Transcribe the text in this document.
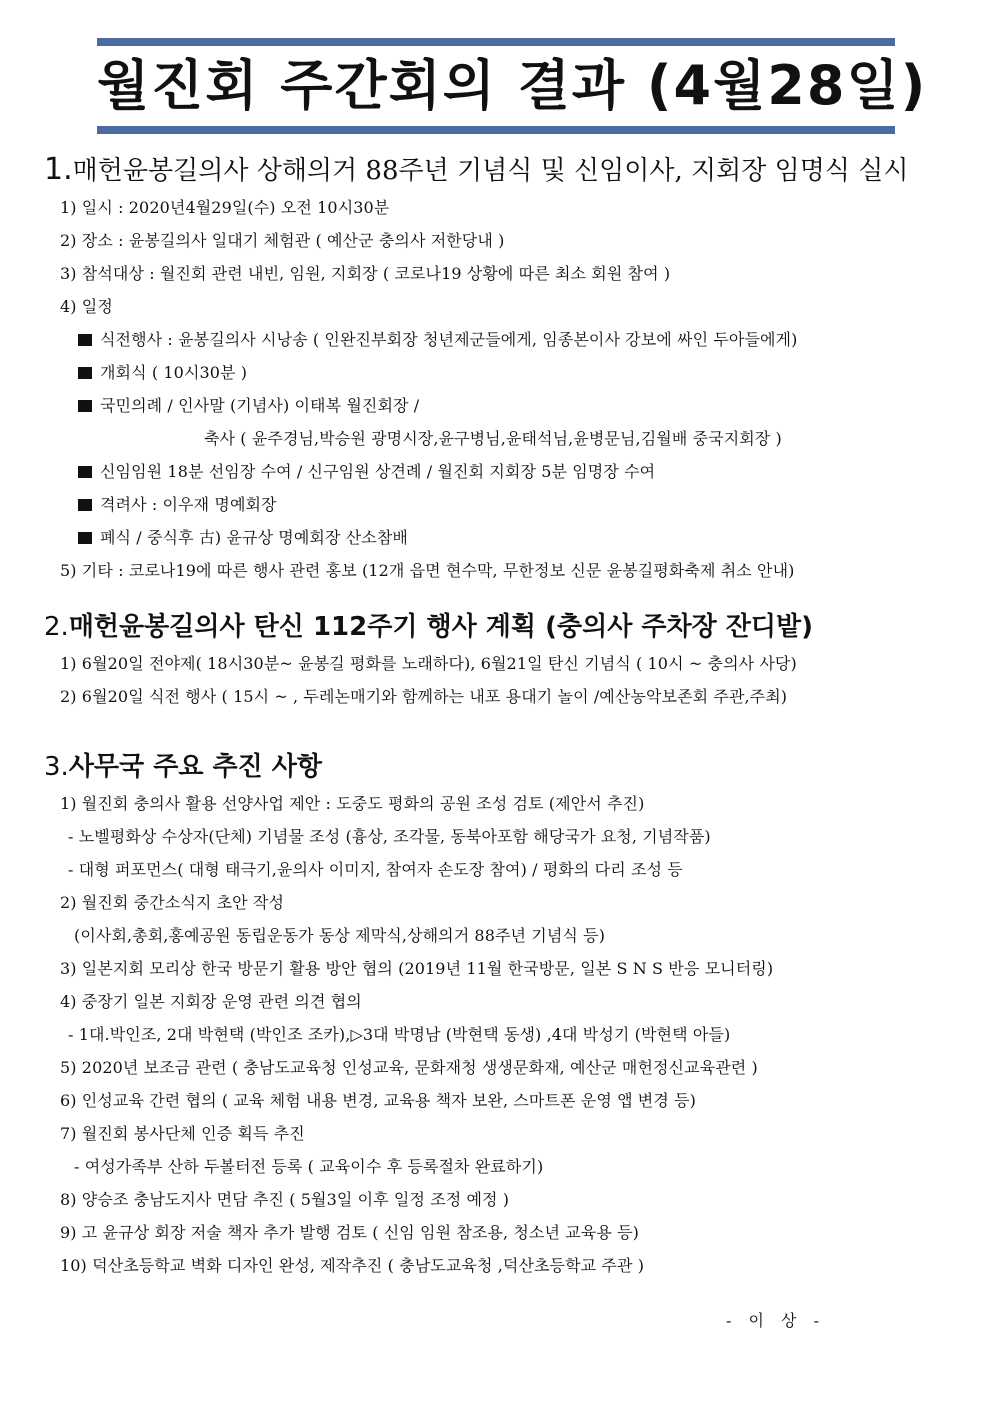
월진회 주간회의 결과 (4월28일)
1.매헌윤봉길의사 상해의거 88주년 기념식 및 신임이사, 지회장 임명식 실시
1) 일시 : 2020년4월29일(수) 오전 10시30분
2) 장소 : 윤봉길의사 일대기 체험관 ( 예산군 충의사 저한당내 )
3) 참석대상 : 월진회 관련 내빈, 임원, 지회장 ( 코로나19 상황에 따른 최소 회원 참여 )
4) 일정
식전행사 : 윤봉길의사 시낭송 ( 인완진부회장 청년제군들에게, 임종본이사 강보에 싸인 두아들에게)
개회식 ( 10시30분 )
국민의례 / 인사말 (기념사) 이태복 월진회장 /
축사 ( 윤주경님,박승원 광명시장,윤구병님,윤태석님,윤병문님,김월배 중국지회장 )
신임임원 18분 선임장 수여 / 신구임원 상견례 / 월진회 지회장 5분 임명장 수여
격려사 : 이우재 명예회장
폐식 / 중식후 古) 윤규상 명예회장 산소참배
5) 기타 : 코로나19에 따른 행사 관련 홍보 (12개 읍면 현수막, 무한정보 신문 윤봉길평화축제 취소 안내)
2.매헌윤봉길의사 탄신 112주기 행사 계획 (충의사 주차장 잔디밭)
1) 6월20일 전야제( 18시30분~ 윤봉길 평화를 노래하다), 6월21일 탄신 기념식 ( 10시 ~ 충의사 사당)
2) 6월20일 식전 행사 ( 15시 ~ , 두레논매기와 함께하는 내포 용대기 놀이 /예산농악보존회 주관,주최)
3.사무국 주요 추진 사항
1) 월진회 충의사 활용 선양사업 제안 : 도중도 평화의 공원 조성 검토 (제안서 추진)
- 노벨평화상 수상자(단체) 기념물 조성 (흉상, 조각물, 동북아포함 해당국가 요청, 기념작품)
- 대형 퍼포먼스( 대형 태극기,윤의사 이미지, 참여자 손도장 참여) / 평화의 다리 조성 등
2) 월진회 중간소식지 초안 작성
(이사회,총회,홍예공원 동립운동가 동상 제막식,상해의거 88주년 기념식 등)
3) 일본지회 모리상 한국 방문기 활용 방안 협의 (2019년 11월 한국방문, 일본 S N S 반응 모니터링)
4) 중장기 일본 지회장 운영 관련 의견 협의
- 1대.박인조, 2대 박현택 (박인조 조카),▷3대 박명남 (박현택 동생) ,4대 박성기 (박현택 아들)
5) 2020년 보조금 관련 ( 충남도교육청 인성교육, 문화재청 생생문화재, 예산군 매헌정신교육관련 )
6) 인성교육 간련 협의 ( 교육 체험 내용 변경, 교육용 책자 보완, 스마트폰 운영 앱 변경 등)
7) 월진회 봉사단체 인증 획득 추진
- 여성가족부 산하 두볼터전 등록 ( 교육이수 후 등록절차 완료하기)
8) 양승조 충남도지사 면담 추진 ( 5월3일 이후 일정 조정 예정 )
9) 고 윤규상 회장 저술 책자 추가 발행 검토 ( 신임 임원 참조용, 청소년 교육용 등)
10) 덕산초등학교 벽화 디자인 완성, 제작추진 ( 충남도교육청 ,덕산초등학교 주관 )
- 이 상 -
